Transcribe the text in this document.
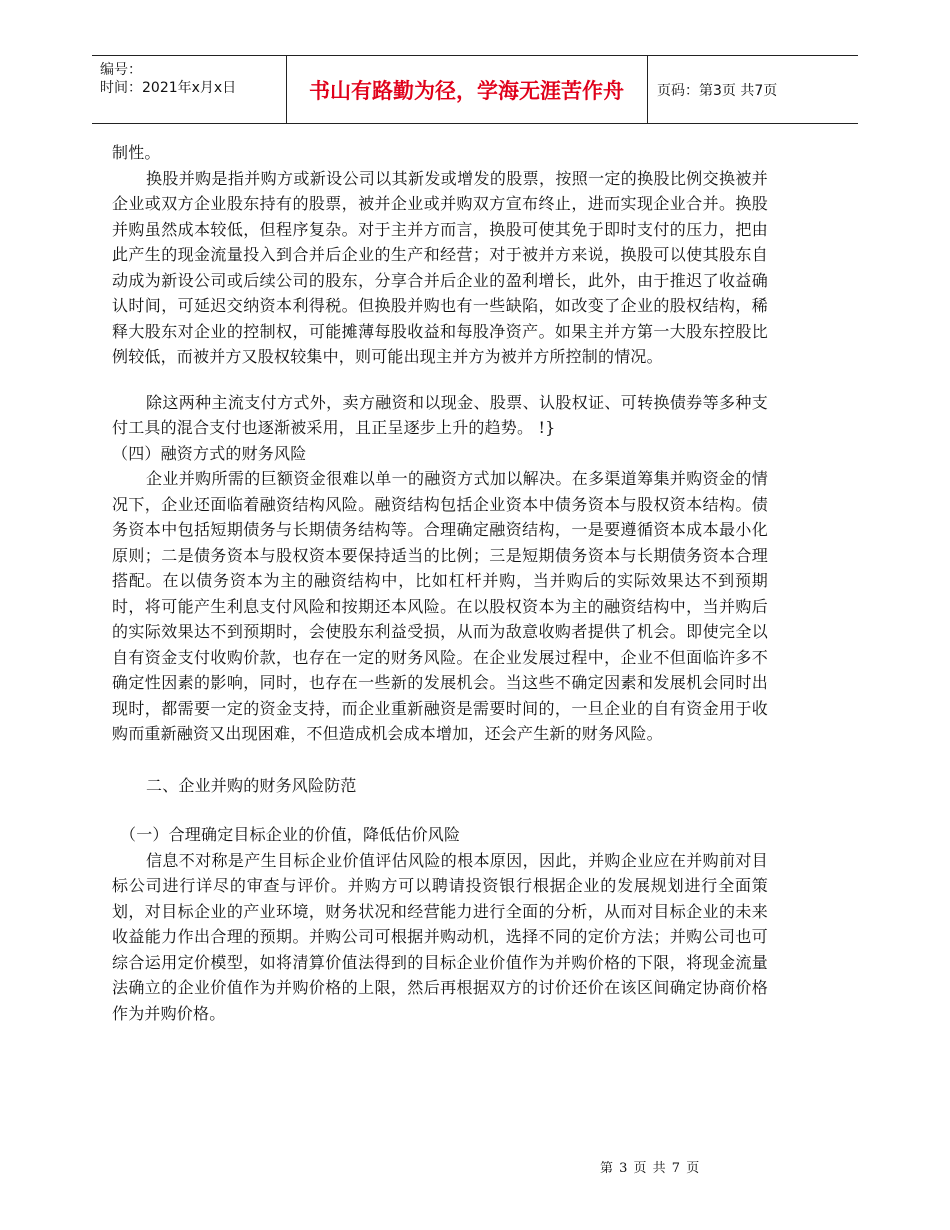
编号：
时间：2021年x月x日	书山有路勤为径，学海无涯苦作舟	页码：第3页 共7页

制性。

换股并购是指并购方或新设公司以其新发或增发的股票，按照一定的换股比例交换被并企业或双方企业股东持有的股票，被并企业或并购双方宣布终止，进而实现企业合并。换股并购虽然成本较低，但程序复杂。对于主并方而言，换股可使其免于即时支付的压力，把由此产生的现金流量投入到合并后企业的生产和经营；对于被并方来说，换股可以使其股东自动成为新设公司或后续公司的股东，分享合并后企业的盈利增长，此外，由于推迟了收益确认时间，可延迟交纳资本利得税。但换股并购也有一些缺陷，如改变了企业的股权结构，稀释大股东对企业的控制权，可能摊薄每股收益和每股净资产。如果主并方第一大股东控股比例较低，而被并方又股权较集中，则可能出现主并方为被并方所控制的情况。

除这两种主流支付方式外，卖方融资和以现金、股票、认股权证、可转换债券等多种支付工具的混合支付也逐渐被采用，且正呈逐步上升的趋势。 !}

（四）融资方式的财务风险

企业并购所需的巨额资金很难以单一的融资方式加以解决。在多渠道筹集并购资金的情况下，企业还面临着融资结构风险。融资结构包括企业资本中债务资本与股权资本结构。债务资本中包括短期债务与长期债务结构等。合理确定融资结构，一是要遵循资本成本最小化原则；二是债务资本与股权资本要保持适当的比例；三是短期债务资本与长期债务资本合理搭配。在以债务资本为主的融资结构中，比如杠杆并购，当并购后的实际效果达不到预期时，将可能产生利息支付风险和按期还本风险。在以股权资本为主的融资结构中，当并购后的实际效果达不到预期时，会使股东利益受损，从而为敌意收购者提供了机会。即使完全以自有资金支付收购价款，也存在一定的财务风险。在企业发展过程中，企业不但面临许多不确定性因素的影响，同时，也存在一些新的发展机会。当这些不确定因素和发展机会同时出现时，都需要一定的资金支持，而企业重新融资是需要时间的，一旦企业的自有资金用于收购而重新融资又出现困难，不但造成机会成本增加，还会产生新的财务风险。

二、企业并购的财务风险防范

（一）合理确定目标企业的价值，降低估价风险

信息不对称是产生目标企业价值评估风险的根本原因，因此，并购企业应在并购前对目标公司进行详尽的审查与评价。并购方可以聘请投资银行根据企业的发展规划进行全面策划，对目标企业的产业环境，财务状况和经营能力进行全面的分析，从而对目标企业的未来收益能力作出合理的预期。并购公司可根据并购动机，选择不同的定价方法；并购公司也可综合运用定价模型，如将清算价值法得到的目标企业价值作为并购价格的下限，将现金流量法确立的企业价值作为并购价格的上限，然后再根据双方的讨价还价在该区间确定协商价格作为并购价格。

第 3 页 共 7 页
